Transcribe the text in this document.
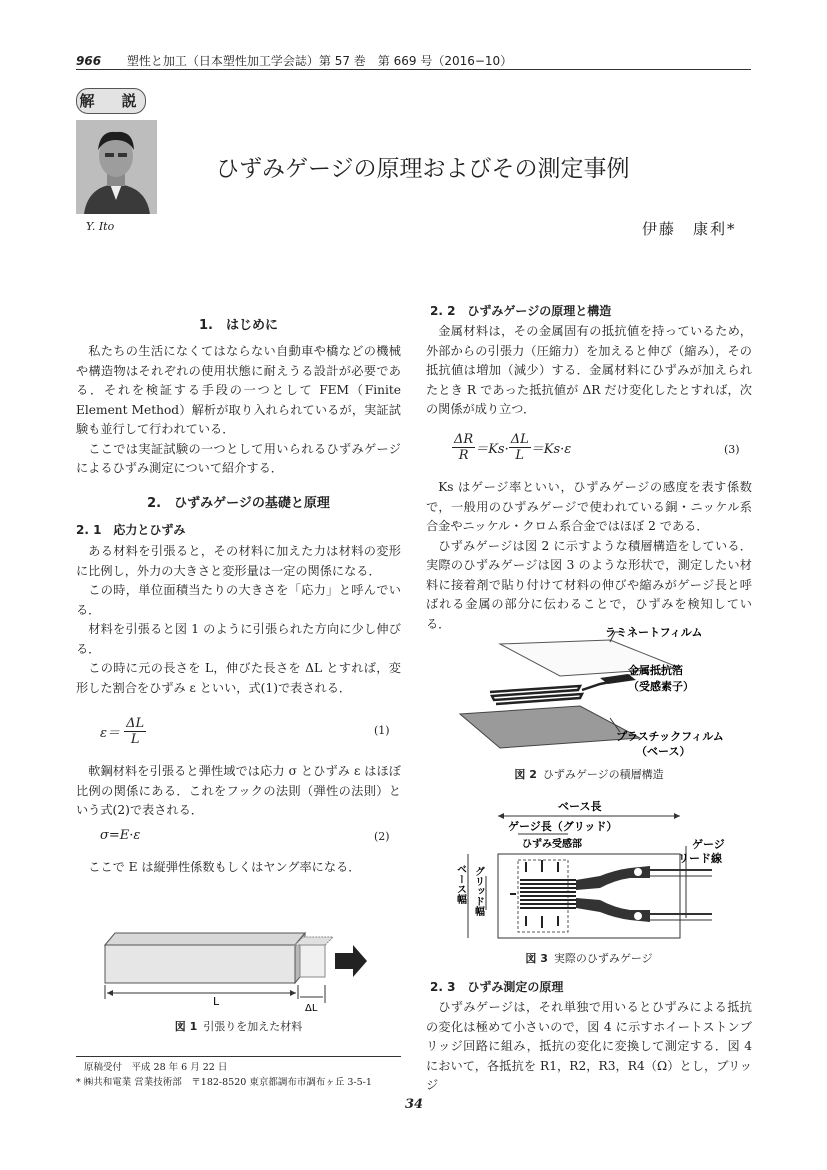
966 塑性と加工（日本塑性加工学会誌）第 57 巻　第 669 号（2016−10）
解　説
Y. Ito
ひずみゲージの原理およびその測定事例
伊藤　康利*
1.　はじめに

私たちの生活になくてはならない自動車や橋などの機械や構造物はそれぞれの使用状態に耐えうる設計が必要である．それを検証する手段の一つとして FEM（Finite Element Method）解析が取り入れられているが，実証試験も並行して行われている．

ここでは実証試験の一つとして用いられるひずみゲージによるひずみ測定について紹介する．

2.　ひずみゲージの基礎と原理
2. 1　応力とひずみ

ある材料を引張ると，その材料に加えた力は材料の変形に比例し，外力の大きさと変形量は一定の関係になる．

この時，単位面積当たりの大きさを「応力」と呼んでいる．

材料を引張ると図 1 のように引張られた方向に少し伸びる．

この時に元の長さを L，伸びた長さを ΔL とすれば，変形した割合をひずみ ε といい，式(1)で表される．

$\varepsilon= \frac{\Delta L}{L}$	(1)

軟鋼材料を引張ると弾性域では応力 σ とひずみ ε はほぼ比例の関係にある．これをフックの法則（弾性の法則）という式(2)で表される．

σ=E·ε	(2)

ここで E は縦弾性係数もしくはヤング率になる．

L
ΔL
図 1 引張りを加えた材料
原稿受付　平成 28 年 6 月 22 日
* ㈱共和電業 営業技術部　〒182-8520 東京都調布市調布ヶ丘 3-5-1
2. 2　ひずみゲージの原理と構造

金属材料は，その金属固有の抵抗値を持っているため，外部からの引張力（圧縮力）を加えると伸び（縮み），その抵抗値は増加（減少）する．金属材料にひずみが加えられたとき R であった抵抗値が ΔR だけ変化したとすれば，次の関係が成り立つ．

$\frac{\Delta R}{R} =Ks\cdot \frac{\Delta L}{L} =Ks\cdot\varepsilon$	(3)

Ks はゲージ率といい，ひずみゲージの感度を表す係数で，一般用のひずみゲージで使われている銅・ニッケル系合金やニッケル・クロム系合金ではほぼ 2 である．

ひずみゲージは図 2 に示すような積層構造をしている．実際のひずみゲージは図 3 のような形状で，測定したい材料に接着剤で貼り付けて材料の伸びや縮みがゲージ長と呼ばれる金属の部分に伝わることで，ひずみを検知している．

ラミネートフィルム
金属抵抗箔
（受感素子）
プラスチックフィルム
（ベース）
図 2 ひずみゲージの積層構造
ベース長
ゲージ長（グリッド）
ひずみ受感部	ゲージ
リード線
グリッド幅
ベース幅
図 3 実際のひずみゲージ
2. 3　ひずみ測定の原理

ひずみゲージは，それ単独で用いるとひずみによる抵抗の変化は極めて小さいので，図 4 に示すホイートストンブリッジ回路に組み，抵抗の変化に変換して測定する．図 4 において，各抵抗を R1，R2，R3，R4（Ω）とし，ブリッジ

34
